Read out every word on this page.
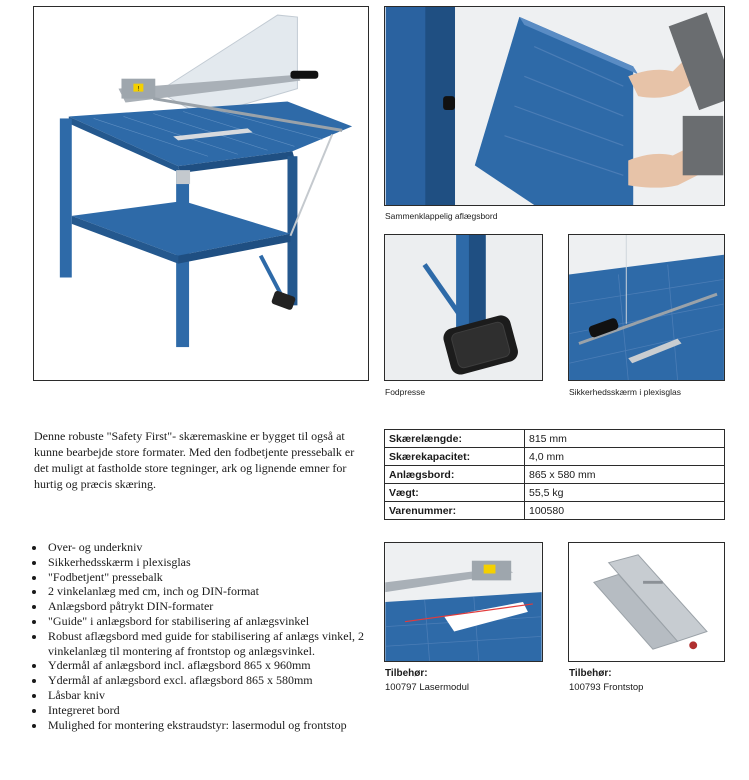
!
Sammenklappelig aflægsbord
Fodpresse	Sikkerhedsskærm i plexisglas

Denne robuste "Safety First"- skæremaskine er bygget til også at kunne bearbejde store formater. Med den fodbetjente pressebalk er det muligt at fastholde store tegninger, ark og lignende emner for hurtig og præcis skæring.

Skærelængde:	815 mm
Skærekapacitet:	4,0 mm
Anlægsbord:	865 x 580 mm
Vægt:	55,5 kg
Varenummer:	100580
• Over- og underkniv
• Sikkerhedsskærm i plexisglas
• "Fodbetjent" pressebalk
• 2 vinkelanlæg med cm, inch og DIN-format
• Anlægsbord påtrykt DIN-formater
• "Guide" i anlægsbord for stabilisering af anlægsvinkel
• Robust aflægsbord med guide for stabilisering af anlægs vinkel, 2 vinkelanlæg til montering af frontstop og anlægsvinkel.
• Ydermål af anlægsbord incl. aflægsbord 865 x 960mm
• Ydermål af anlægsbord excl. aflægsbord 865 x 580mm
• Låsbar kniv
• Integreret bord
• Mulighed for montering ekstraudstyr: lasermodul og frontstop
Tilbehør:
100797 Lasermodul
Tilbehør:
100793 Frontstop
